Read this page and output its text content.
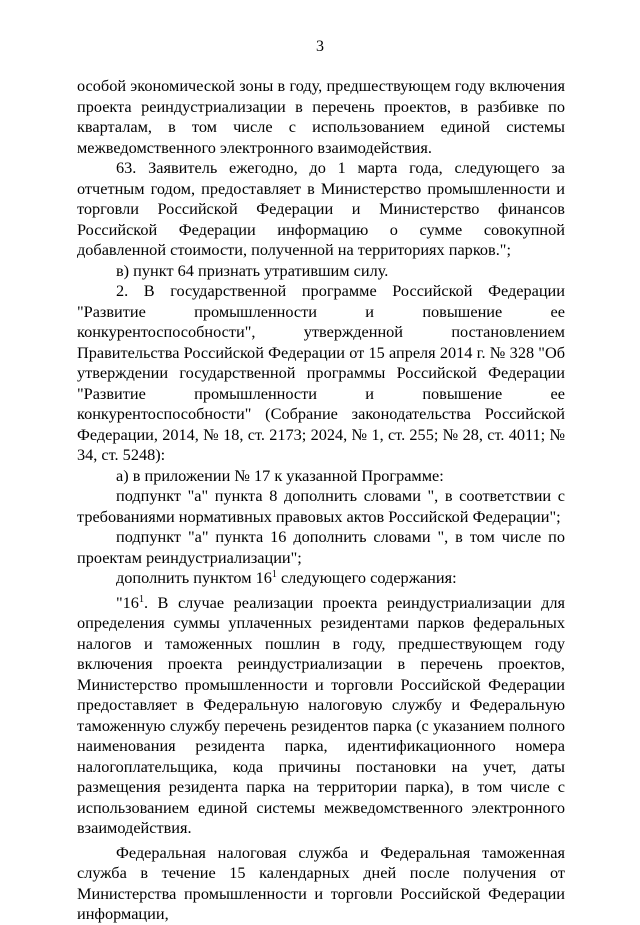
3

особой экономической зоны в году, предшествующем году включения проекта реиндустриализации в перечень проектов, в разбивке по кварталам, в том числе с использованием единой системы межведомственного электронного взаимодействия.

63. Заявитель ежегодно, до 1 марта года, следующего за отчетным годом, предоставляет в Министерство промышленности и торговли Российской Федерации и Министерство финансов Российской Федерации информацию о сумме совокупной добавленной стоимости, полученной на территориях парков.";

в) пункт 64 признать утратившим силу.

2. В государственной программе Российской Федерации "Развитие промышленности и повышение ее конкурентоспособности", утвержденной постановлением Правительства Российской Федерации от 15 апреля 2014 г. № 328 "Об утверждении государственной программы Российской Федерации "Развитие промышленности и повышение ее конкурентоспособности" (Собрание законодательства Российской Федерации, 2014, № 18, ст. 2173; 2024, № 1, ст. 255; № 28, ст. 4011; № 34, ст. 5248):

а) в приложении № 17 к указанной Программе:

подпункт "а" пункта 8 дополнить словами ", в соответствии с требованиями нормативных правовых актов Российской Федерации";

подпункт "а" пункта 16 дополнить словами ", в том числе по проектам реиндустриализации";

дополнить пунктом $16^1$ следующего содержания:

"$16^1$. В случае реализации проекта реиндустриализации для определения суммы уплаченных резидентами парков федеральных налогов и таможенных пошлин в году, предшествующем году включения проекта реиндустриализации в перечень проектов, Министерство промышленности и торговли Российской Федерации предоставляет в Федеральную налоговую службу и Федеральную таможенную службу перечень резидентов парка (с указанием полного наименования резидента парка, идентификационного номера налогоплательщика, кода причины постановки на учет, даты размещения резидента парка на территории парка), в том числе с использованием единой системы межведомственного электронного взаимодействия.

Федеральная налоговая служба и Федеральная таможенная служба в течение 15 календарных дней после получения от Министерства промышленности и торговли Российской Федерации информации,
